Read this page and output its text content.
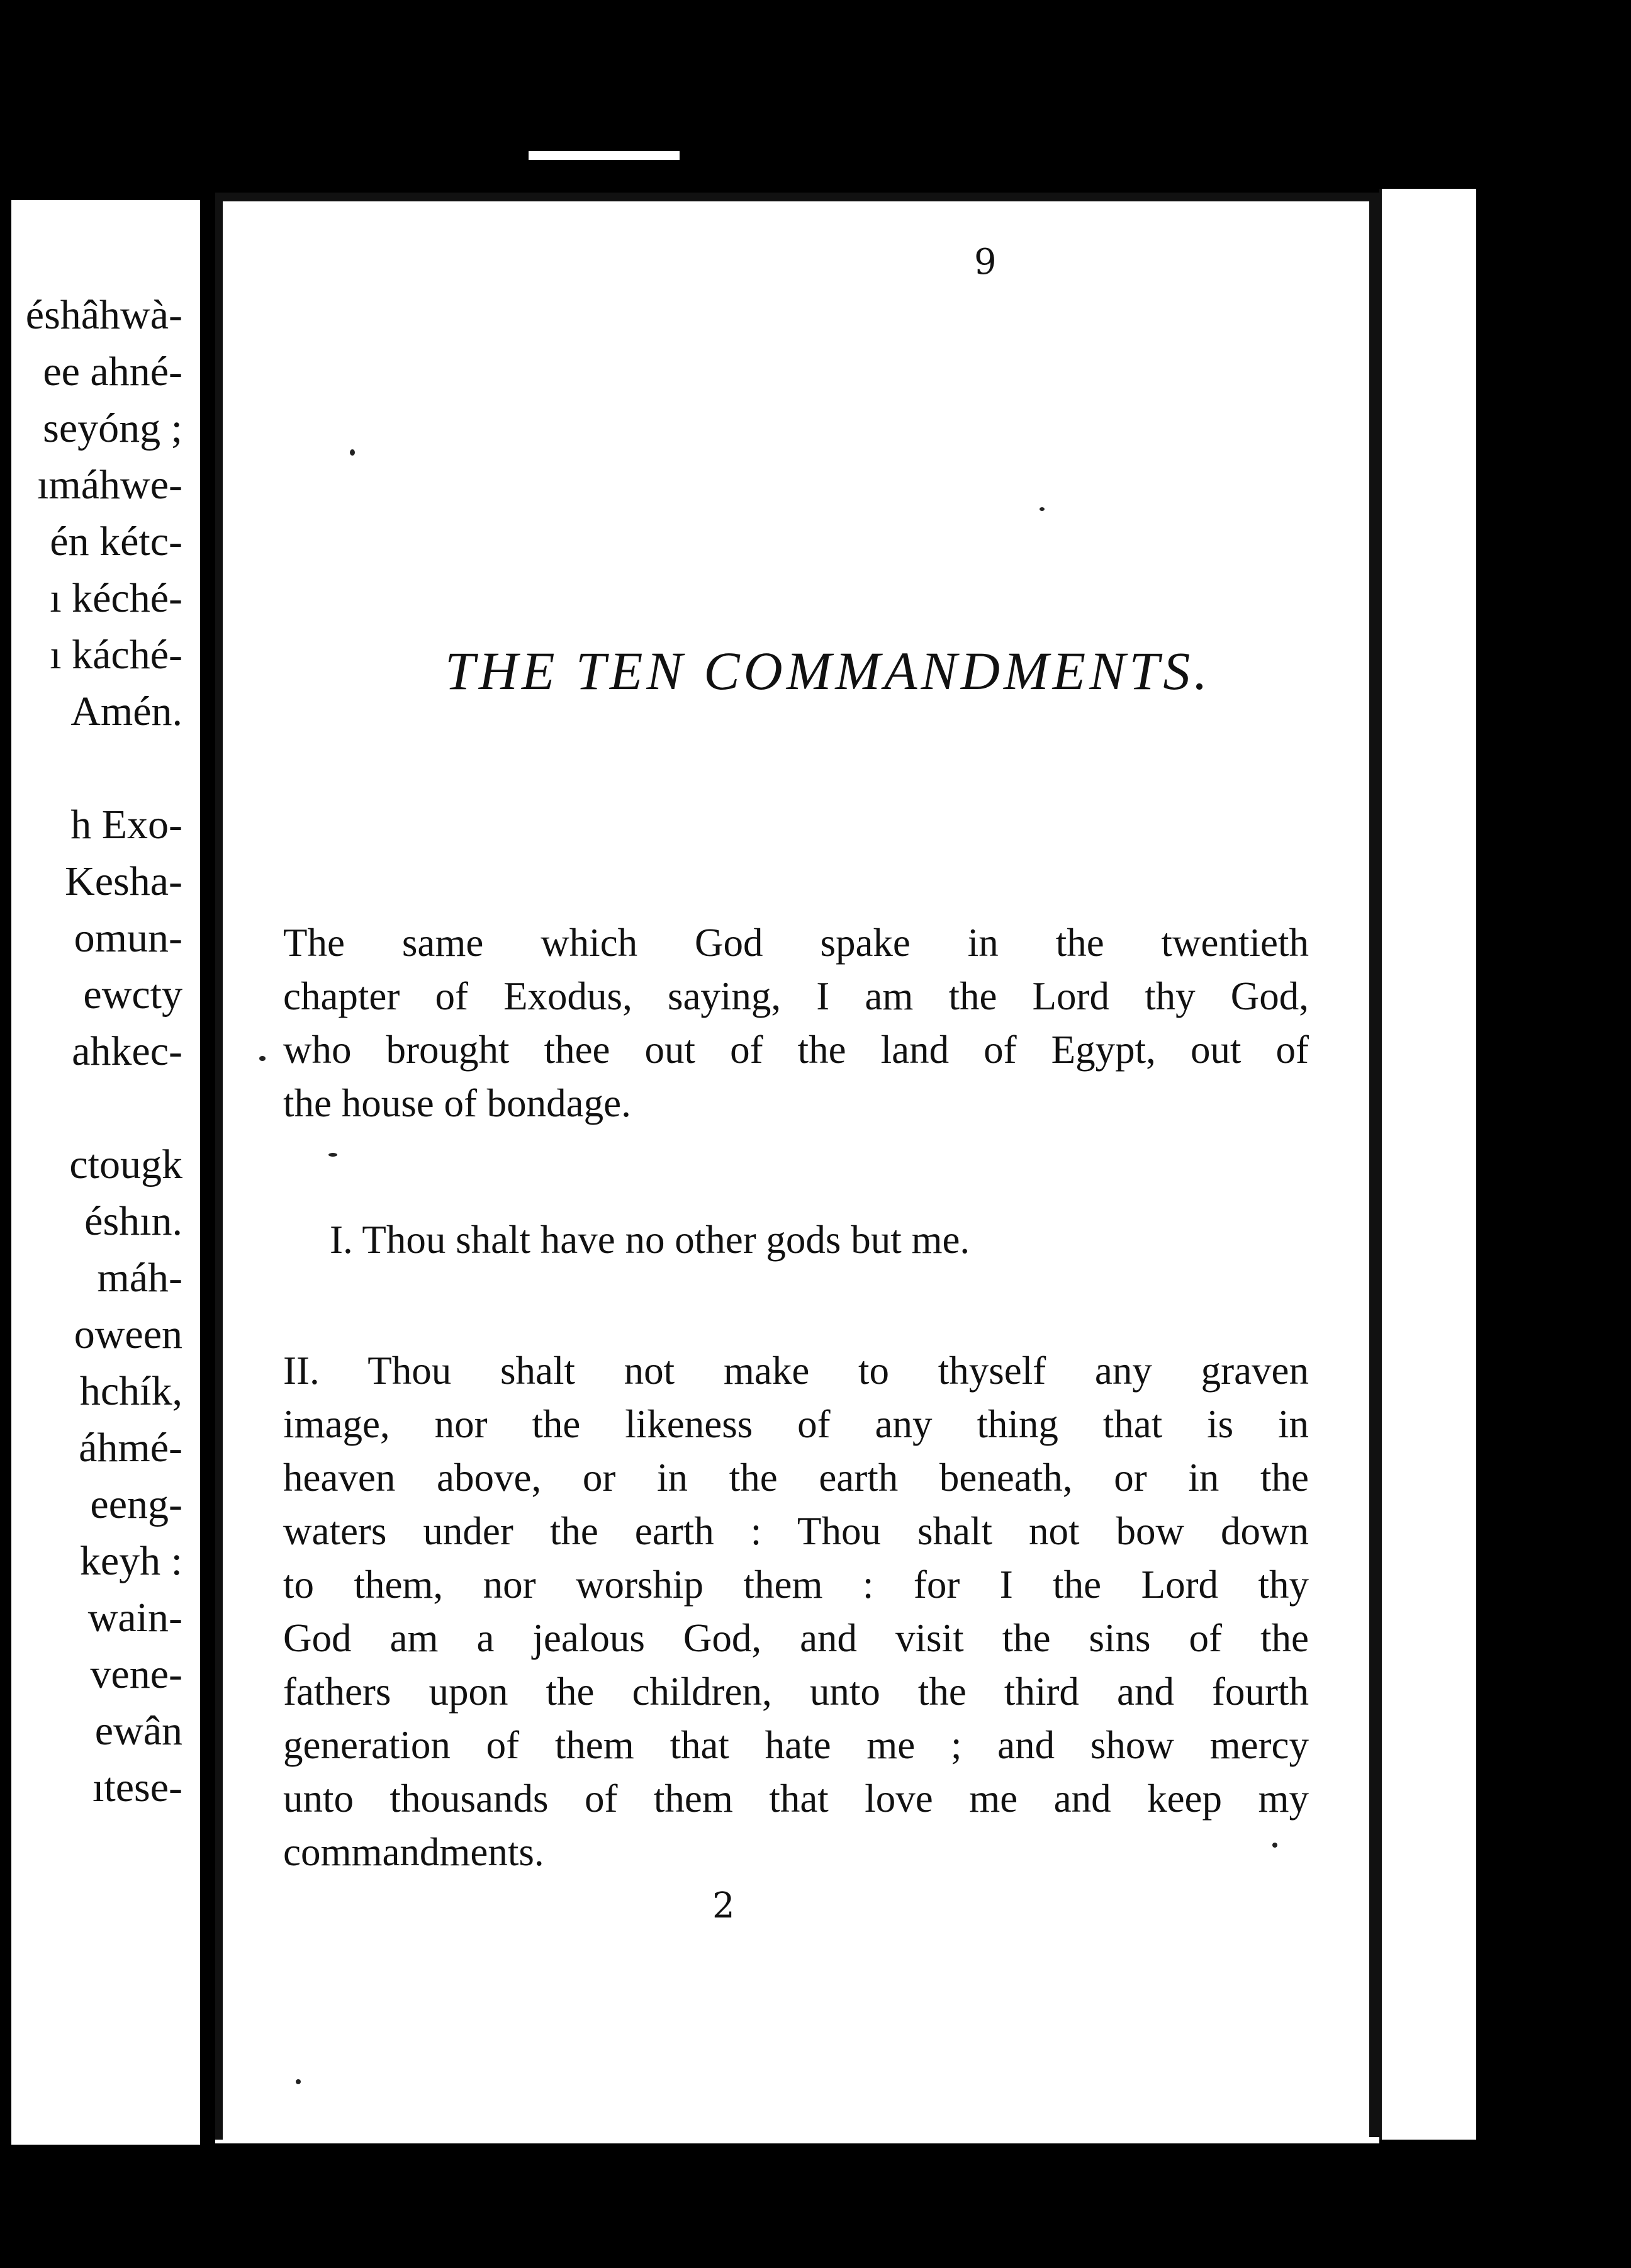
éshâhwà-
ee ahné-
seyóng ;
ımáhwe-
én kétc-
ı kéché-
ı káché-
Amén.
h Exo-
Kesha-
omun-
ewcty
ahkec-
ctougk
éshın.
máh-
oween
hchík,
áhmé-
eeng-
keyh :
wain-
vene-
ewân
ıtese-
9
THE TEN COMMANDMENTS.
The same which God spake in the twentieth
chapter of Exodus, saying, I am the Lord thy God,
who brought thee out of the land of Egypt, out of
the house of bondage.
I. Thou shalt have no other gods but me.
II. Thou shalt not make to thyself any graven
image, nor the likeness of any thing that is in
heaven above, or in the earth beneath, or in the
waters under the earth : Thou shalt not bow down
to them, nor worship them : for I the Lord thy
God am a jealous God, and visit the sins of the
fathers upon the children, unto the third and fourth
generation of them that hate me ; and show mercy
unto thousands of them that love me and keep my
commandments.
2
